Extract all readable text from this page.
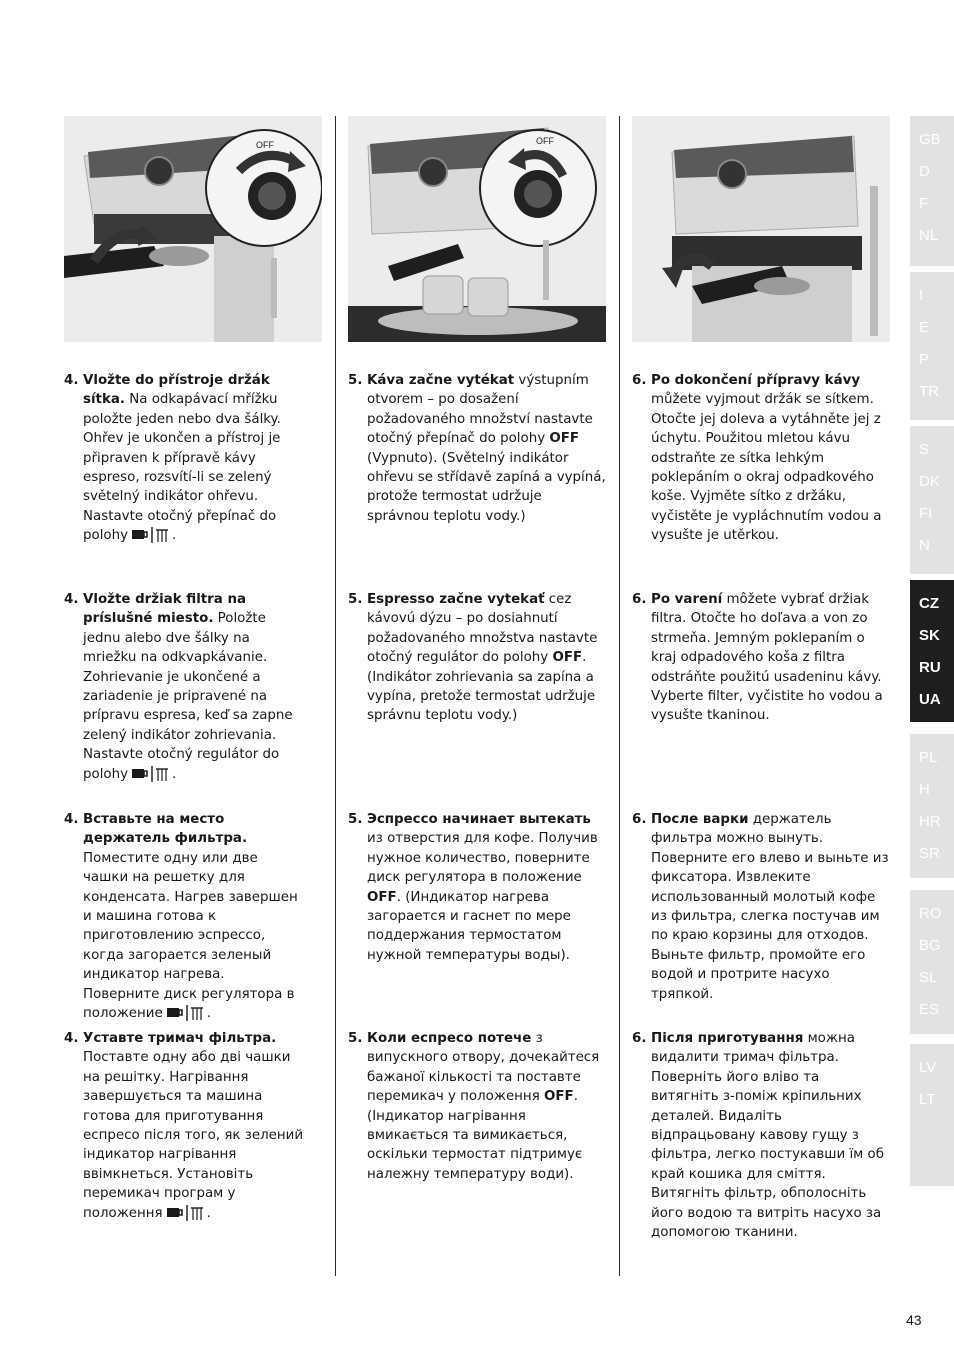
OFF	OFF
4. Vložte do přístroje držák sítka. Na odkapávací mřížku položte jeden nebo dva šálky. Ohřev je ukončen a přístroj je připraven k přípravě kávy espreso, rozsvítí-li se zelený světelný indikátor ohřevu. Nastavte otočný přepínač do polohy	.

5. Káva začne vytékat výstupním otvorem – po dosažení požadovaného množství nastavte otočný přepínač do polohy OFF (Vypnuto). (Světelný indikátor ohřevu se střídavě zapíná a vypíná, protože termostat udržuje správnou teplotu vody.)

6. Po dokončení přípravy kávy můžete vyjmout držák se sítkem. Otočte jej doleva a vytáhněte jej z úchytu. Použitou mletou kávu odstraňte ze sítka lehkým poklepáním o okraj odpadkového koše. Vyjměte sítko z držáku, vyčistěte je vypláchnutím vodou a vysušte je utěrkou.

4. Vložte držiak filtra na príslušné miesto. Položte jednu alebo dve šálky na mriežku na odkvapkávanie. Zohrievanie je ukončené a zariadenie je pripravené na prípravu espresa, keď sa zapne zelený indikátor zohrievania. Nastavte otočný regulátor do polohy	.

5. Espresso začne vytekať cez kávovú dýzu – po dosiahnutí požadovaného množstva nastavte otočný regulátor do polohy OFF. (Indikátor zohrievania sa zapína a vypína, pretože termostat udržuje správnu teplotu vody.)

6. Po varení môžete vybrať držiak filtra. Otočte ho doľava a von zo strmeňa. Jemným poklepaním o kraj odpadového koša z filtra odstráňte použitú usadeninu kávy. Vyberte filter, vyčistite ho vodou a vysušte tkaninou.

4. Вставьте на место держатель фильтра. Поместите одну или две чашки на решетку для конденсата. Нагрев завершен и машина готова к приготовлению эспрессо, когда загорается зеленый индикатор нагрева. Поверните диск регулятора в положение	.

5. Эспрессо начинает вытекать из отверстия для кофе. Получив нужное количество, поверните диск регулятора в положение OFF. (Индикатор нагрева загорается и гаснет по мере поддержания термостатом нужной температуры воды).

6. После варки держатель фильтра можно вынуть. Поверните его влево и выньте из фиксатора. Извлеките использованный молотый кофе из фильтра, слегка постучав им по краю корзины для отходов. Выньте фильтр, промойте его водой и протрите насухо тряпкой.

4. Уставте тримач фільтра. Поставте одну або дві чашки на решітку. Нагрівання завершується та машина готова для приготування еспресо після того, як зелений індикатор нагрівання ввімкнеться. Установіть перемикач програм у положення	.

5. Коли еспресо потече з випускного отвору, дочекайтеся бажаної кількості та поставте перемикач у положення OFF. (Індикатор нагрівання вмикається та вимикається, оскільки термостат підтримує належну температуру води).

6. Після приготування можна видалити тримач фільтра. Поверніть його вліво та витягніть з-поміж кріпильних деталей. Видаліть відпрацьовану кавову гущу з фільтра, легко постукавши їм об край кошика для сміття. Витягніть фільтр, обполосніть його водою та витріть насухо за допомогою тканини.

GB
D
F
NL
I
E
P
TR
S
DK
FI
N
CZ
SK
RU
UA
PL
H
HR
SR
RO
BG
SL
ES
LV
LT
43
